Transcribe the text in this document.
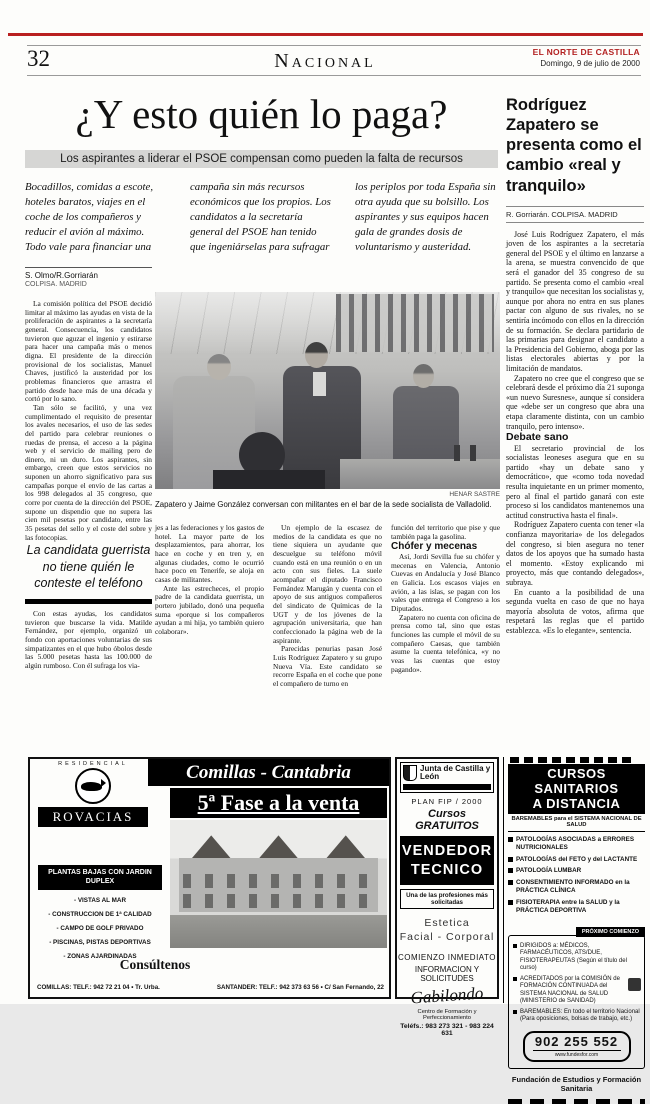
32	Nacional	EL NORTE DE CASTILLA
Domingo, 9 de julio de 2000
¿Y esto quién lo paga?
Los aspirantes a liderar el PSOE compensan como pueden la falta de recursos
Bocadillos, comidas a escote, hoteles baratos, viajes en el coche de los compañeros y reducir el avión al máximo. Todo vale para financiar una
campaña sin más recursos económicos que los propios. Los candidatos a la secretaría general del PSOE han tenido que ingeniárselas para sufragar
los periplos por toda España sin otra ayuda que su bolsillo. Los aspirantes y sus equipos hacen gala de grandes dosis de voluntarismo y austeridad.
S. Olmo/R.Gorriarán
COLPISA. MADRID
HENAR SASTRE
Zapatero y Jaime González conversan con militantes en el bar de la sede socialista de Valladolid.

La comisión política del PSOE decidió limitar al máximo las ayudas en vista de la proliferación de aspirantes a la secretaría general. Consecuencia, los candidatos tuvieron que aguzar el ingenio y estirarse para hacer una campaña más o menos digna. El presidente de la dirección provisional de los socialistas, Manuel Chaves, justificó la austeridad por los problemas financieros que arrastra el partido desde hace más de una década y cortó por lo sano.

Tan sólo se facilitó, y una vez cumplimentado el requisito de presentar los avales necesarios, el uso de las sedes del partido para celebrar reuniones o ruedas de prensa, el acceso a la página web y el servicio de mailing pero de dinero, ni un duro. Los aspirantes, sin embargo, creen que estos servicios no suponen un ahorro significativo para sus campañas porque el envío de las cartas a los 998 delegados al 35 congreso, que corre por cuenta de la dirección del PSOE, supone un dispendio que no supera las cien mil pesetas por candidato, entre las 35 pesetas del sello y el coste del sobre y las fotocopias.

La candidata guerrista no tiene quién le conteste el teléfono

Con estas ayudas, los candidatos tuvieron que buscarse la vida. Matilde Fernández, por ejemplo, organizó un fondo con aportaciones voluntarias de sus simpatizantes en el que hubo óbolos desde las 5.000 pesetas hasta las 100.000 de algún rumboso. Con él sufraga los via-

jes a las federaciones y los gastos de hotel. La mayor parte de los desplazamientos, para ahorrar, los hace en coche y en tren y, en algunas ciudades, como le ocurrió hace poco en Tenerife, se aloja en casas de militantes.

Ante las estrecheces, el propio padre de la candidata guerrista, un portero jubilado, donó una pequeña suma «porque si los compañeros ayudan a mi hija, yo también quiero colaborar».

Un ejemplo de la escasez de medios de la candidata es que no tiene siquiera un ayudante que descuelgue su teléfono móvil cuando está en una reunión o en un acto con sus fieles. La suele acompañar el diputado Francisco Fernández Marugán y cuenta con el apoyo de sus antiguos compañeros del sindicato de Químicas de la UGT y de los jóvenes de la agrupación universitaria, que han confeccionado la página web de la aspirante.

Parecidas penurias pasan José Luis Rodríguez Zapatero y su grupo Nueva Vía. Este candidato se recorre España en el coche que pone el compañero de turno en

función del territorio que pise y que también paga la gasolina.

Chófer y mecenas

Así, Jordi Sevilla fue su chófer y mecenas en Valencia, Antonio Cuevas en Andalucía y José Blanco en Galicia. Los escasos viajes en avión, a las islas, se pagan con los vales que entrega el Congreso a los Diputados.

Zapatero no cuenta con oficina de prensa como tal, sino que estas funciones las cumple el móvil de su compañero Caesas, que también asume la cuenta telefónica, «y no veas las cuentas que estoy pagando».

Rodríguez Zapatero se presenta como el cambio «real y tranquilo»
R. Gorriarán. COLPISA. MADRID

José Luis Rodríguez Zapatero, el más joven de los aspirantes a la secretaría general del PSOE y el último en lanzarse a la arena, se muestra convencido de que será el ganador del 35 congreso de su partido. Se presenta como el cambio «real y tranquilo» que necesitan los socialistas y, aunque por ahora no entra en sus planes pactar con alguno de sus rivales, no se sentiría incómodo con ellos en la dirección de su formación. Se declara partidario de las primarias para designar el candidato a la Presidencia del Gobierno, aboga por las listas electorales abiertas y por la limitación de mandatos.

Zapatero no cree que el congreso que se celebrará desde el próximo día 21 suponga «un nuevo Suresnes», aunque sí considera que «debe ser un congreso que abra una etapa claramente distinta, con un cambio tranquilo, pero intenso».

Debate sano

El secretario provincial de los socialistas leoneses asegura que en su partido «hay un debate sano y democrático», que «como toda novedad resulta inquietante en un primer momento, pero al final el partido ganará con este proceso si los candidatos mantenemos una actitud constructiva hasta el final».

Rodríguez Zapatero cuenta con tener «la confianza mayoritaria» de los delegados del congreso, si bien asegura no tener datos de los apoyos que ha sumado hasta el momento. «Estoy explicando mi proyecto, más que contando delegados», subraya.

En cuanto a la posibilidad de una segunda vuelta en caso de que no haya mayoría absoluta de votos, afirma que respetará las reglas que el partido establezca. «Es lo elegante», sentencia.

RESIDENCIAL
ROVACIAS
Comillas - Cantabria
5ª Fase a la venta
PLANTAS BAJAS CON JARDIN DUPLEX
- VISTAS AL MAR
- CONSTRUCCION DE 1ª CALIDAD
- CAMPO DE GOLF PRIVADO
- PISCINAS, PISTAS DEPORTIVAS
- ZONAS AJARDINADAS
Consúltenos
COMILLAS: TELF.: 942 72 21 04 • Tr. Urba.	SANTANDER: TELF.: 942 373 63 56 • C/ San Fernando, 22
Junta de Castilla y León
PLAN FIP / 2000
Cursos GRATUITOS
VENDEDOR
TECNICO
Una de las profesiones más solicitadas
Estetica
Facial - Corporal
COMIENZO INMEDIATO
INFORMACION Y SOLICITUDES
Gabilondo
Centro de Formación y Perfeccionamiento
Teléfs.: 983 273 321 - 983 224 631
CURSOS SANITARIOS
A DISTANCIA
BAREMABLES para el SISTEMA NACIONAL DE SALUD
PATOLOGÍAS ASOCIADAS a ERRORES NUTRICIONALES
PATOLOGÍAS del FETO y del LACTANTE
PATOLOGÍA LUMBAR
CONSENTIMIENTO INFORMADO en la PRÁCTICA CLÍNICA
FISIOTERAPIA entre la SALUD y la PRÁCTICA DEPORTIVA
PRÓXIMO COMIENZO
DIRIGIDOS a: MÉDICOS, FARMACÉUTICOS, ATS/DUE, FISIOTERAPEUTAS (Según el título del curso)
ACREDITADOS por la COMISIÓN de FORMACIÓN CONTINUADA del SISTEMA NACIONAL de SALUD (MINISTERIO de SANIDAD)
BAREMABLES: En todo el territorio Nacional (Para oposiciones, bolsas de trabajo, etc.)
902 255 552
www.fundesfor.com
Fundación de Estudios y Formación Sanitaria
